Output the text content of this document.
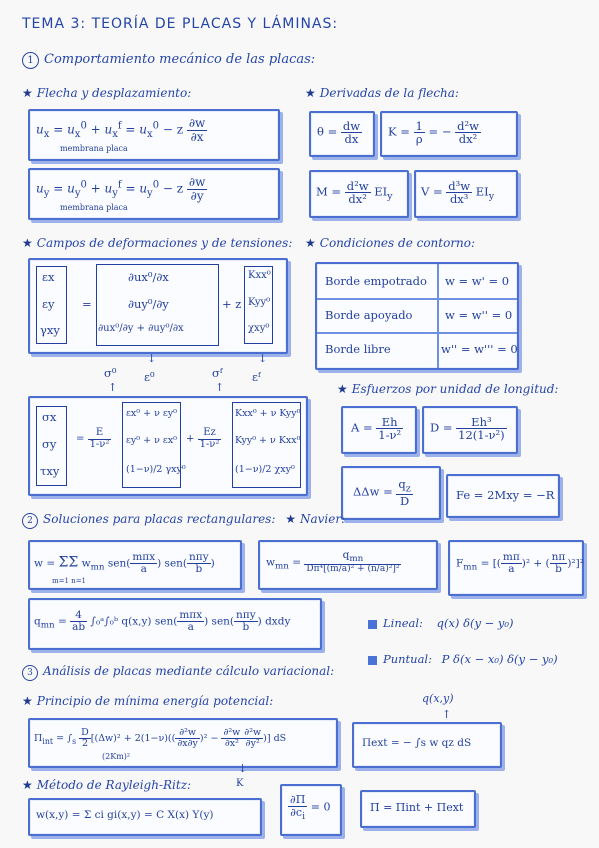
TEMA 3: TEORÍA DE PLACAS Y LÁMINAS:
1 Comportamiento mecánico de las placas:
★ Flecha y desplazamiento:	★ Derivadas de la flecha:
$u_x = u_x^0 + u_x^f = u_x^0 - z \frac{\partial w}{\partial x}$
membrana placa
$u_y = u_y^0 + u_y^f = u_y^0 - z \frac{\partial w}{\partial y}$
membrana placa
$\theta = \frac{dw}{dx}$ $K = \frac{1}{\rho}$ = − $\frac{\text{d²w}}{\text{dx²}}$
$M = \frac{\text{d²w}}{\text{dx²}} EI_y$ $V = \frac{\text{d³w}}{\text{dx³}} EI_y$
★ Campos de deformaciones y de tensiones: ★ Condiciones de contorno:
εx
εy
γxy
=
∂ux⁰/∂x
∂uy⁰/∂y
∂ux⁰/∂y + ∂uy⁰/∂x
+ z
Kxx⁰
Kyy⁰
χxy⁰
↓	↓
σ⁰ ε⁰	σᶠ	εᶠ
↑	↑
σx
σy
τxy
= $\frac{E}{\text{1-ν²}}$
εx⁰ + ν εy⁰
εy⁰ + ν εx⁰
(1−ν)/2 γxy⁰
+ $\frac{Ez}{\text{1-ν²}}$
Kxx⁰ + ν Kyy⁰
Kyy⁰ + ν Kxx⁰
(1−ν)/2 χxy⁰
Borde empotrado w = w' = 0
Borde apoyado	w = w'' = 0
Borde libre	w'' = w''' = 0
★ Esfuerzos por unidad de longitud:
$A = \frac{Eh}{\text{1-ν²}}$ $D = \frac{\text{Eh³}}{\text{12(1-ν²)}}$
$\Delta\Delta w = \frac{q_z}{D}$	Fe = 2Mxy = −R
2 Soluciones para placas rectangulares: ★ Navier:
w = ΣΣ $w_{mn}$ $sen( \frac{\text{mπx}}{a}$ ) $sen( \frac{\text{nπy}}{b}$ )
m=1 n=1
$w_{mn} = \frac{q_{mn}}{\text{Dπ⁴[(m/a)² + (n/a)²]²}}$	$F_{mn}$ = [( $\frac{m\pi}{a} )^2$ + ( $\frac{n\pi}{b} )^2]^2$
$q_{mn} = \frac{4}{ab}$ ∫₀ᵃ∫₀ᵇ q(x,y) $sen( \frac{\text{mπx}}{a}$ ) $sen( \frac{\text{nπy}}{b}$ ) dxdy	Lineal: q(x) δ(y − y₀)
Puntual: P δ(x − x₀) δ(y − y₀)
3 Análisis de placas mediante cálculo variacional:
★ Principio de mínima energía potencial:	q(x,y)
↑
$\Pi_{int} = \int_s \frac{D}{2} [(\Delta w)^2 + 2(1-\nu)(( \frac{\text{∂²w}}{\partial x\partial y} )^2 - \frac{\text{∂²w}}{\text{∂x²}} \frac{\text{∂²w}}{\text{∂y²}}$ )] dS
(2Km)²
↓
K
Πext = − ∫s w qz dS
★ Método de Rayleigh-Ritz:
w(x,y) = Σ ci gi(x,y) = C X(x) Y(y)	$\frac{\partial\Pi}{\partial c_i} = 0$	Π = Πint + Πext
